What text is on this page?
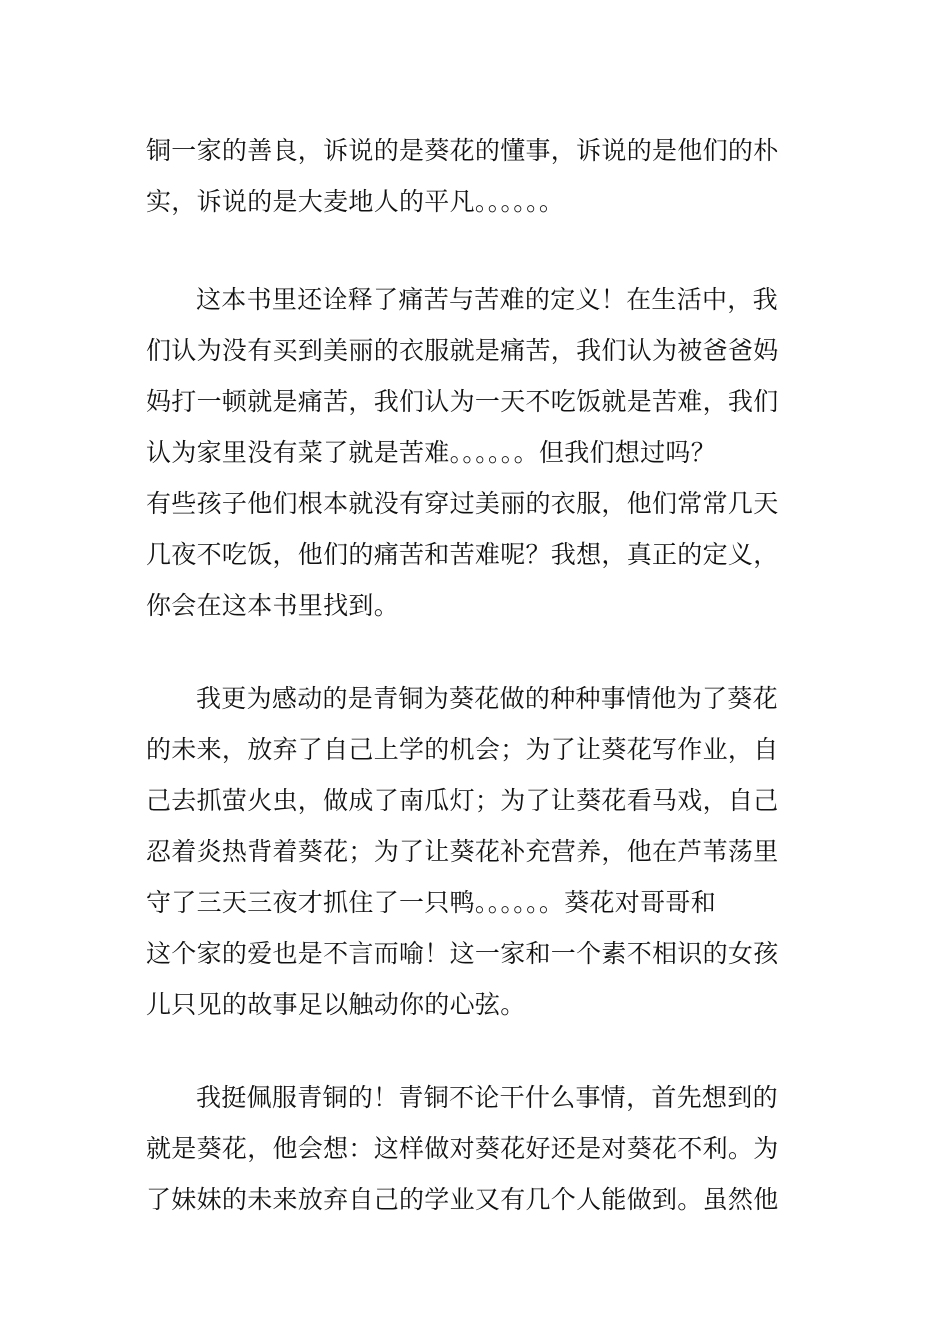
铜一家的善良，诉说的是葵花的懂事，诉说的是他们的朴
实，诉说的是大麦地人的平凡。。。。。。
这本书里还诠释了痛苦与苦难的定义！在生活中，我
们认为没有买到美丽的衣服就是痛苦，我们认为被爸爸妈
妈打一顿就是痛苦，我们认为一天不吃饭就是苦难，我们
认为家里没有菜了就是苦难。。。。。。但我们想过吗？
有些孩子他们根本就没有穿过美丽的衣服，他们常常几天
几夜不吃饭，他们的痛苦和苦难呢？我想，真正的定义，
你会在这本书里找到。
我更为感动的是青铜为葵花做的种种事情他为了葵花
的未来，放弃了自己上学的机会；为了让葵花写作业，自
己去抓萤火虫，做成了南瓜灯；为了让葵花看马戏，自己
忍着炎热背着葵花；为了让葵花补充营养，他在芦苇荡里
守了三天三夜才抓住了一只鸭。。。。。。葵花对哥哥和
这个家的爱也是不言而喻！这一家和一个素不相识的女孩
儿只见的故事足以触动你的心弦。
我挺佩服青铜的！青铜不论干什么事情，首先想到的
就是葵花，他会想：这样做对葵花好还是对葵花不利。为
了妹妹的未来放弃自己的学业又有几个人能做到。虽然他
